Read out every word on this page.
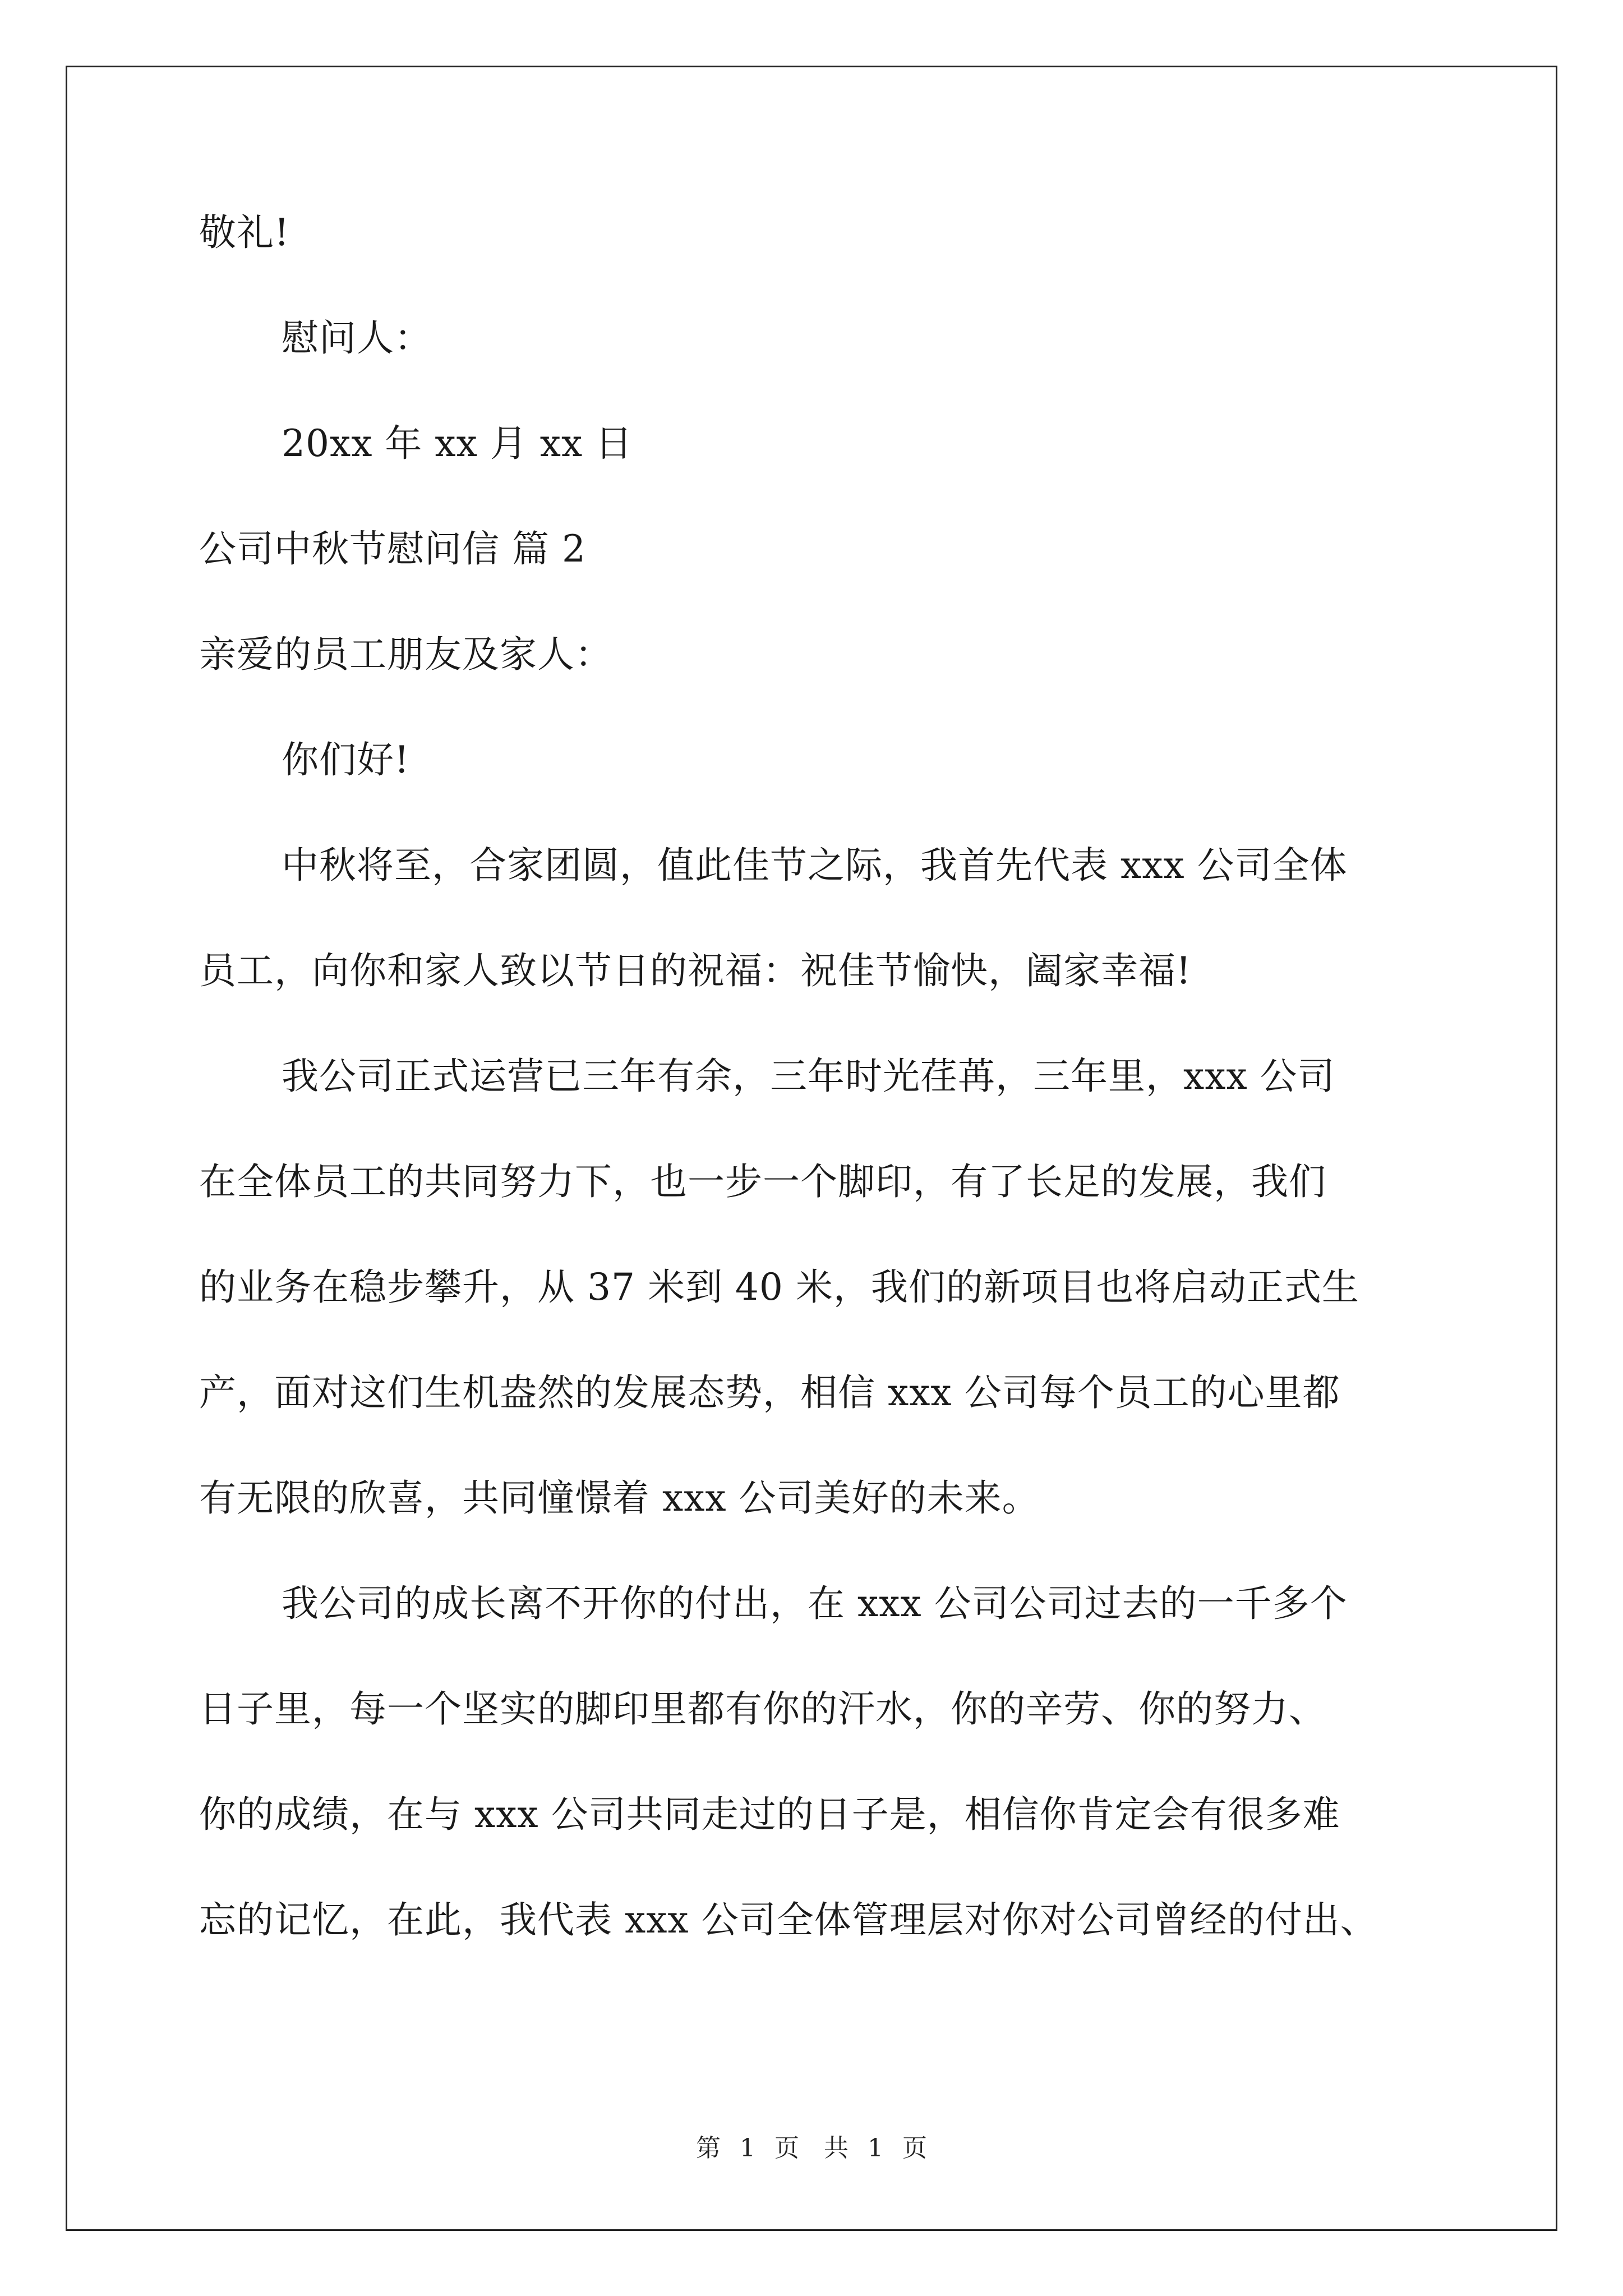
敬礼!
慰问人：
20xx 年 xx 月 xx 日
公司中秋节慰问信 篇 2
亲爱的员工朋友及家人：
你们好!
中秋将至，合家团圆，值此佳节之际，我首先代表 xxx 公司全体
员工，向你和家人致以节日的祝福：祝佳节愉快，阖家幸福!
我公司正式运营已三年有余，三年时光荏苒，三年里，xxx 公司
在全体员工的共同努力下，也一步一个脚印，有了长足的发展，我们
的业务在稳步攀升，从 37 米到 40 米，我们的新项目也将启动正式生
产，面对这们生机盎然的发展态势，相信 xxx 公司每个员工的心里都
有无限的欣喜，共同憧憬着 xxx 公司美好的未来。
我公司的成长离不开你的付出，在 xxx 公司公司过去的一千多个
日子里，每一个坚实的脚印里都有你的汗水，你的辛劳、你的努力、
你的成绩，在与 xxx 公司共同走过的日子是，相信你肯定会有很多难
忘的记忆，在此，我代表 xxx 公司全体管理层对你对公司曾经的付出、
第 1 页　共 1 页
